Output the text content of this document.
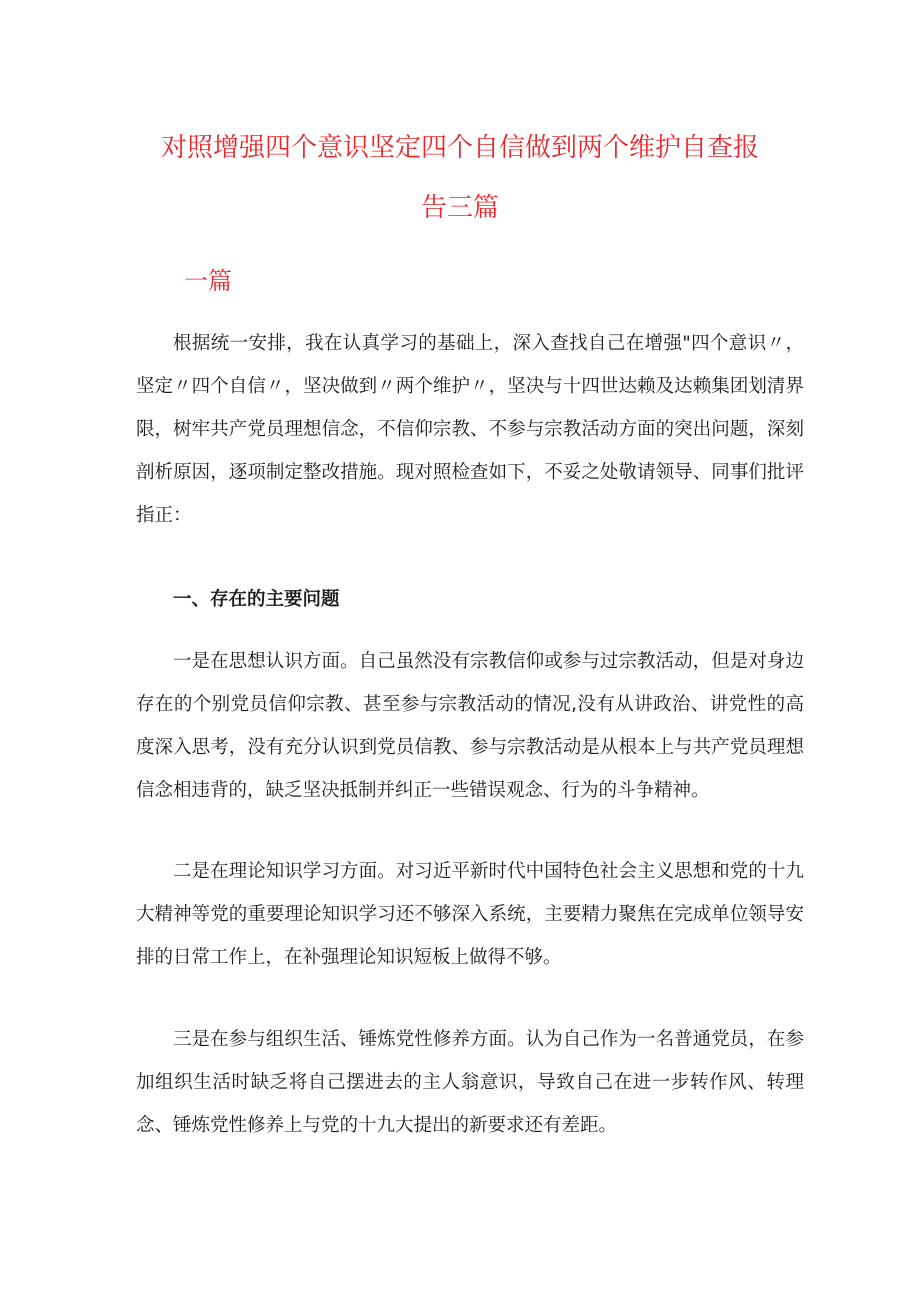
对照增强四个意识坚定四个自信做到两个维护自查报
告三篇
一篇

根据统一安排，我在认真学习的基础上，深入查找自己在增强"四个意识〃，坚定〃四个自信〃，坚决做到〃两个维护〃，坚决与十四世达赖及达赖集团划清界限，树牢共产党员理想信念，不信仰宗教、不参与宗教活动方面的突出问题，深刻剖析原因，逐项制定整改措施。现对照检查如下，不妥之处敬请领导、同事们批评指正：

一、存在的主要问题

一是在思想认识方面。自己虽然没有宗教信仰或参与过宗教活动，但是对身边存在的个别党员信仰宗教、甚至参与宗教活动的情况,没有从讲政治、讲党性的高度深入思考，没有充分认识到党员信教、参与宗教活动是从根本上与共产党员理想信念相违背的，缺乏坚决抵制并纠正一些错误观念、行为的斗争精神。

二是在理论知识学习方面。对习近平新时代中国特色社会主义思想和党的十九大精神等党的重要理论知识学习还不够深入系统，主要精力聚焦在完成单位领导安排的日常工作上，在补强理论知识短板上做得不够。

三是在参与组织生活、锤炼党性修养方面。认为自己作为一名普通党员，在参加组织生活时缺乏将自己摆进去的主人翁意识，导致自己在进一步转作风、转理念、锤炼党性修养上与党的十九大提出的新要求还有差距。
